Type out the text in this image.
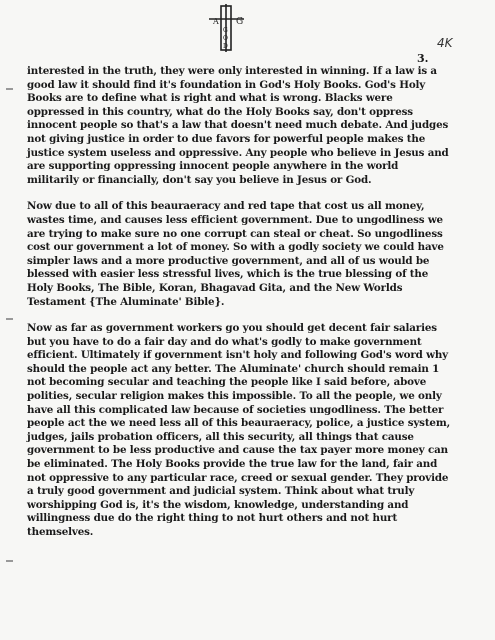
A G
G
O
D	4K
3.

interested in the truth, they were only interested in winning. If a law is a good law it should find it's foundation in God's Holy Books. God's Holy Books are to define what is right and what is wrong. Blacks were oppressed in this country, what do the Holy Books say, don't oppress innocent people so that's a law that doesn't need much debate. And judges not giving justice in order to due favors for powerful people makes the justice system useless and oppressive. Any people who believe in Jesus and are supporting oppressing innocent people anywhere in the world militarily or financially, don't say you believe in Jesus or God.

Now due to all of this beauraeracy and red tape that cost us all money, wastes time, and causes less efficient government. Due to ungodliness we are trying to make sure no one corrupt can steal or cheat. So ungodliness cost our government a lot of money. So with a godly society we could have simpler laws and a more productive government, and all of us would be blessed with easier less stressful lives, which is the true blessing of the Holy Books, The Bible, Koran, Bhagavad Gita, and the New Worlds Testament {The Aluminate' Bible}.

Now as far as government workers go you should get decent fair salaries but you have to do a fair day and do what's godly to make government efficient. Ultimately if government isn't holy and following God's word why should the people act any better. The Aluminate' church should remain 1 not becoming secular and teaching the people like I said before, above polities, secular religion makes this impossible. To all the people, we only have all this complicated law because of societies ungodliness. The better people act the we need less all of this beauraeracy, police, a justice system, judges, jails probation officers, all this security, all things that cause government to be less productive and cause the tax payer more money can be eliminated. The Holy Books provide the true law for the land, fair and not oppressive to any particular race, creed or sexual gender. They provide a truly good government and judicial system. Think about what truly worshipping God is, it's the wisdom, knowledge, understanding and willingness due do the right thing to not hurt others and not hurt themselves.
